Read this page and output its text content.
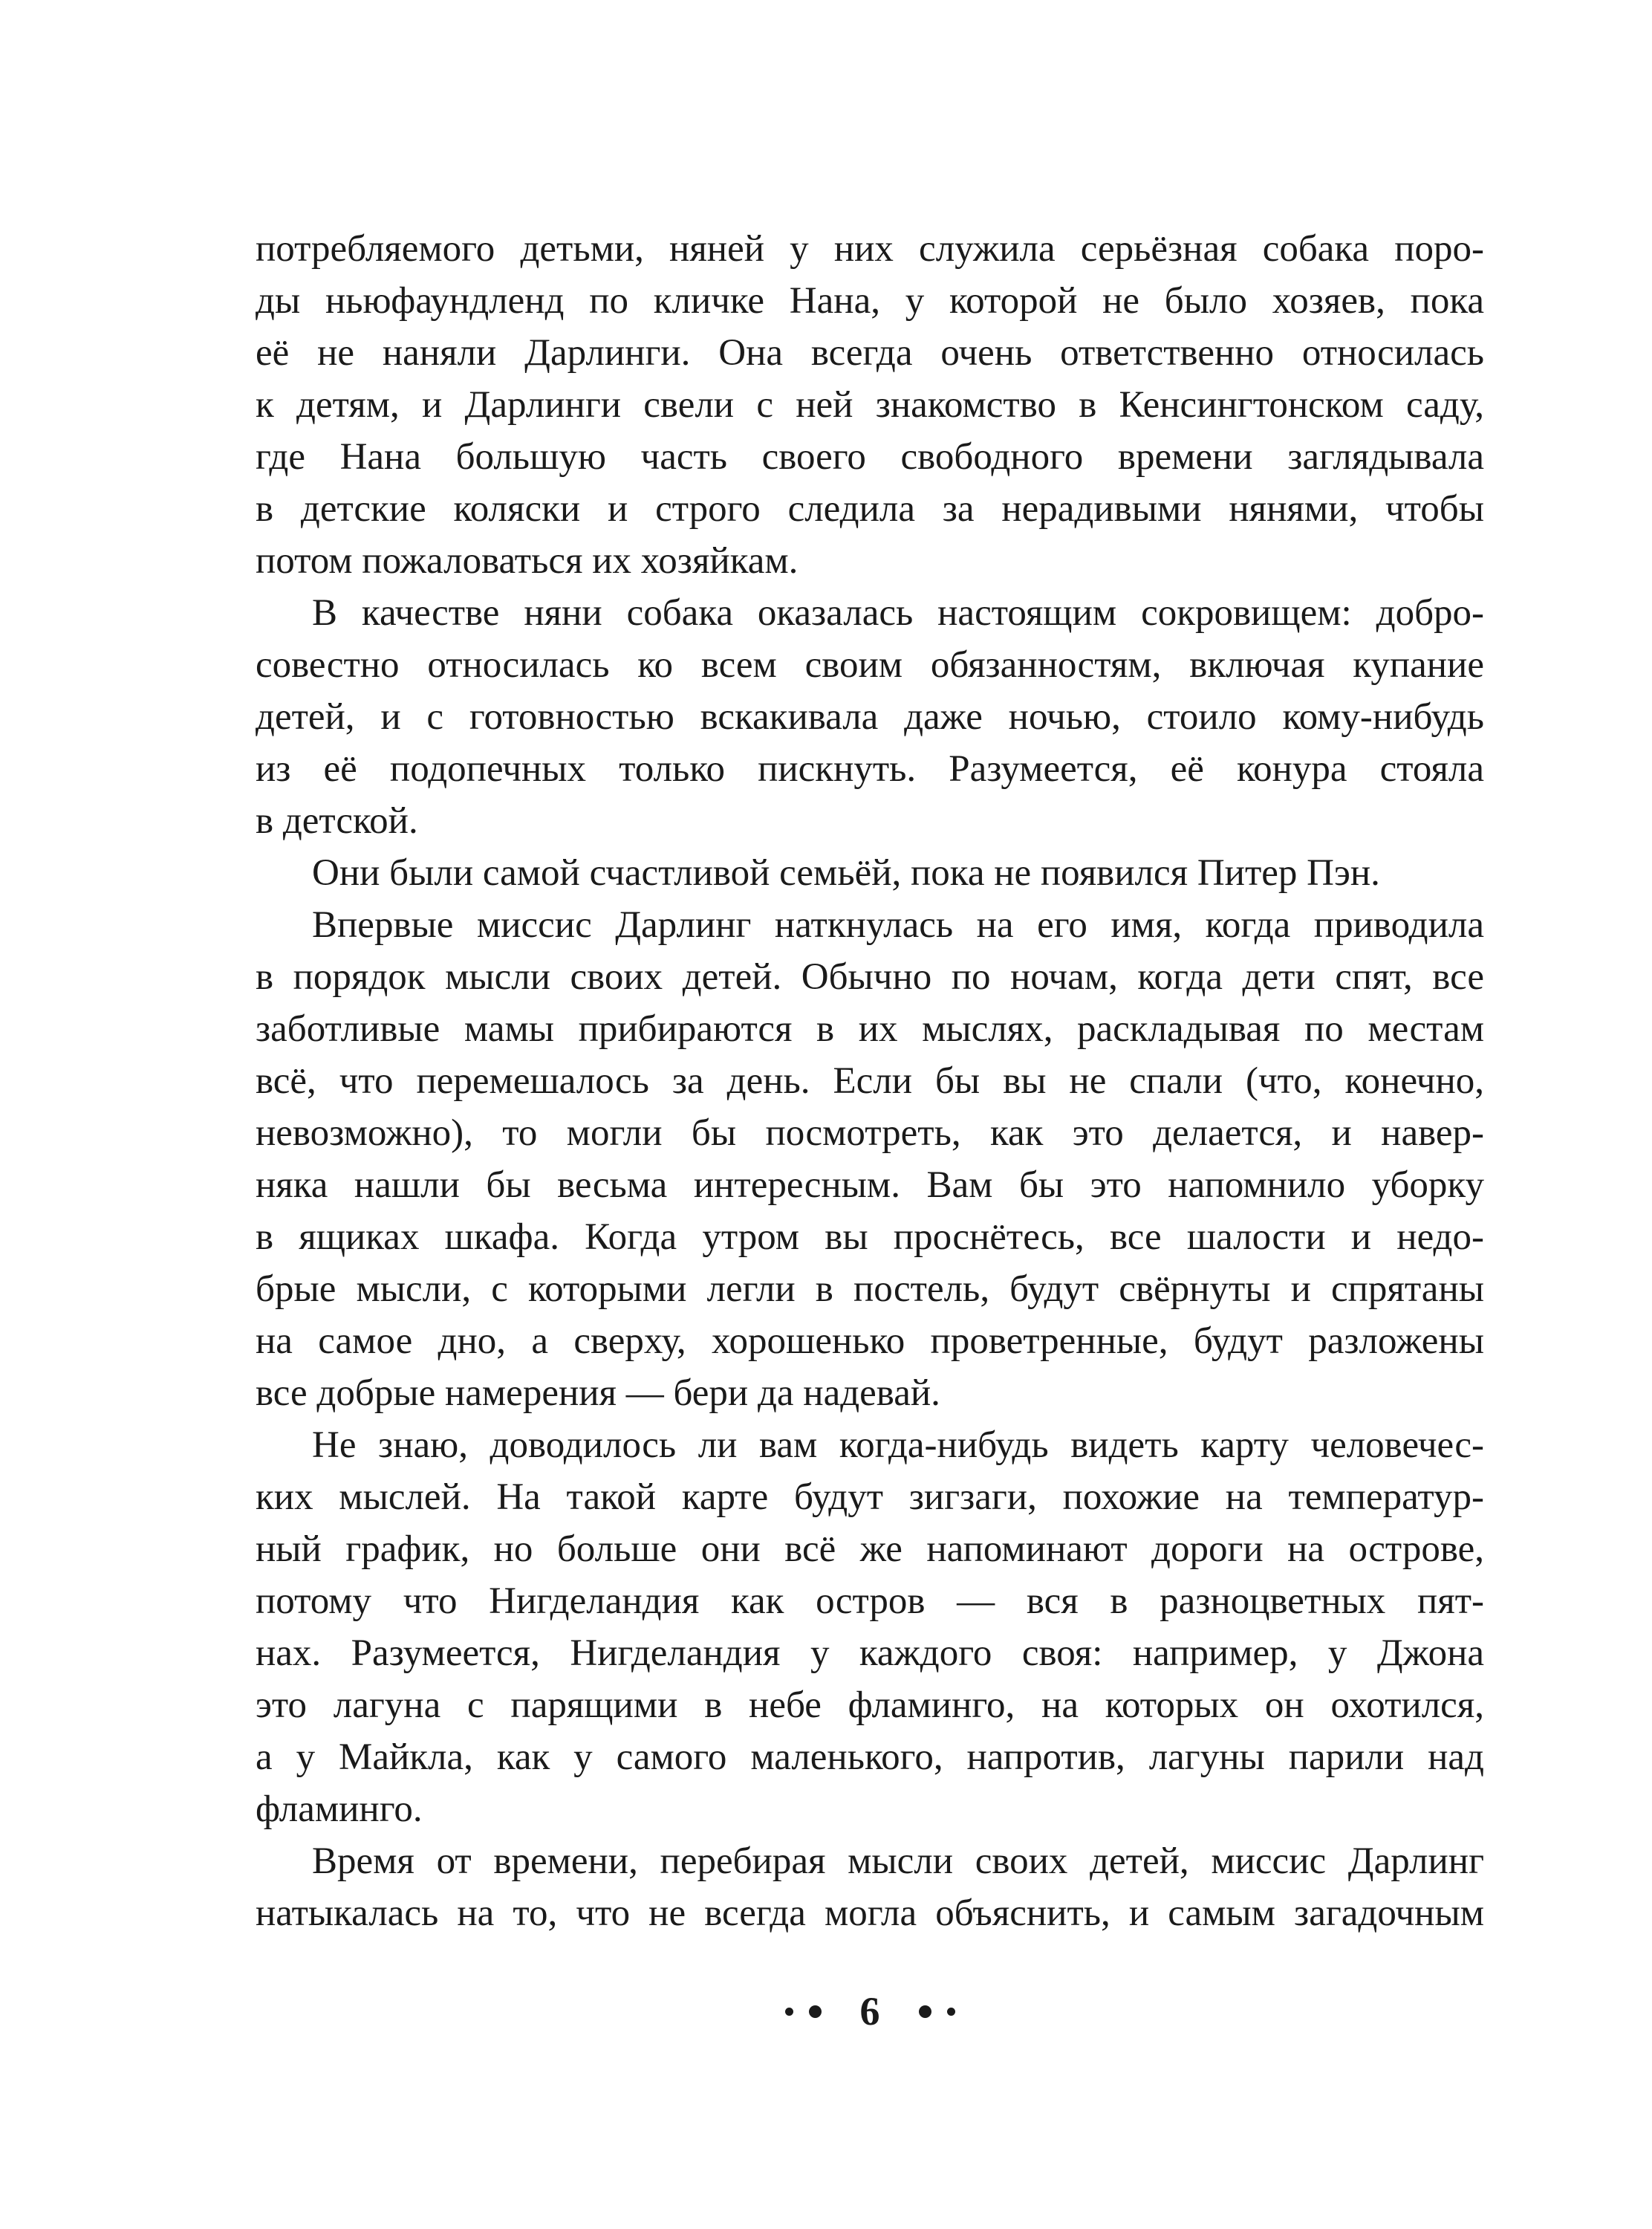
потребляемого детьми, няней у них служила серьёзная собака поро-
ды ньюфаундленд по кличке Нана, у которой не было хозяев, пока
её не наняли Дарлинги. Она всегда очень ответственно относилась
к детям, и Дарлинги свели с ней знакомство в Кенсингтонском саду,
где Нана большую часть своего свободного времени заглядывала
в детские коляски и строго следила за нерадивыми нянями, чтобы
потом пожаловаться их хозяйкам.
В качестве няни собака оказалась настоящим сокровищем: добро-
совестно относилась ко всем своим обязанностям, включая купание
детей, и с готовностью вскакивала даже ночью, стоило кому-нибудь
из её подопечных только пискнуть. Разумеется, её конура стояла
в детской.
Они были самой счастливой семьёй, пока не появился Питер Пэн.
Впервые миссис Дарлинг наткнулась на его имя, когда приводила
в порядок мысли своих детей. Обычно по ночам, когда дети спят, все
заботливые мамы прибираются в их мыслях, раскладывая по местам
всё, что перемешалось за день. Если бы вы не спали (что, конечно,
невозможно), то могли бы посмотреть, как это делается, и навер-
няка нашли бы весьма интересным. Вам бы это напомнило уборку
в ящиках шкафа. Когда утром вы проснётесь, все шалости и недо-
брые мысли, с которыми легли в постель, будут свёрнуты и спрятаны
на самое дно, а сверху, хорошенько проветренные, будут разложены
все добрые намерения — бери да надевай.
Не знаю, доводилось ли вам когда-нибудь видеть карту человечес-
ких мыслей. На такой карте будут зигзаги, похожие на температур-
ный график, но больше они всё же напоминают дороги на острове,
потому что Нигделандия как остров — вся в разноцветных пят-
нах. Разумеется, Нигделандия у каждого своя: например, у Джона
это лагуна с парящими в небе фламинго, на которых он охотился,
а у Майкла, как у самого маленького, напротив, лагуны парили над
фламинго.
Время от времени, перебирая мысли своих детей, миссис Дарлинг
натыкалась на то, что не всегда могла объяснить, и самым загадочным
6
